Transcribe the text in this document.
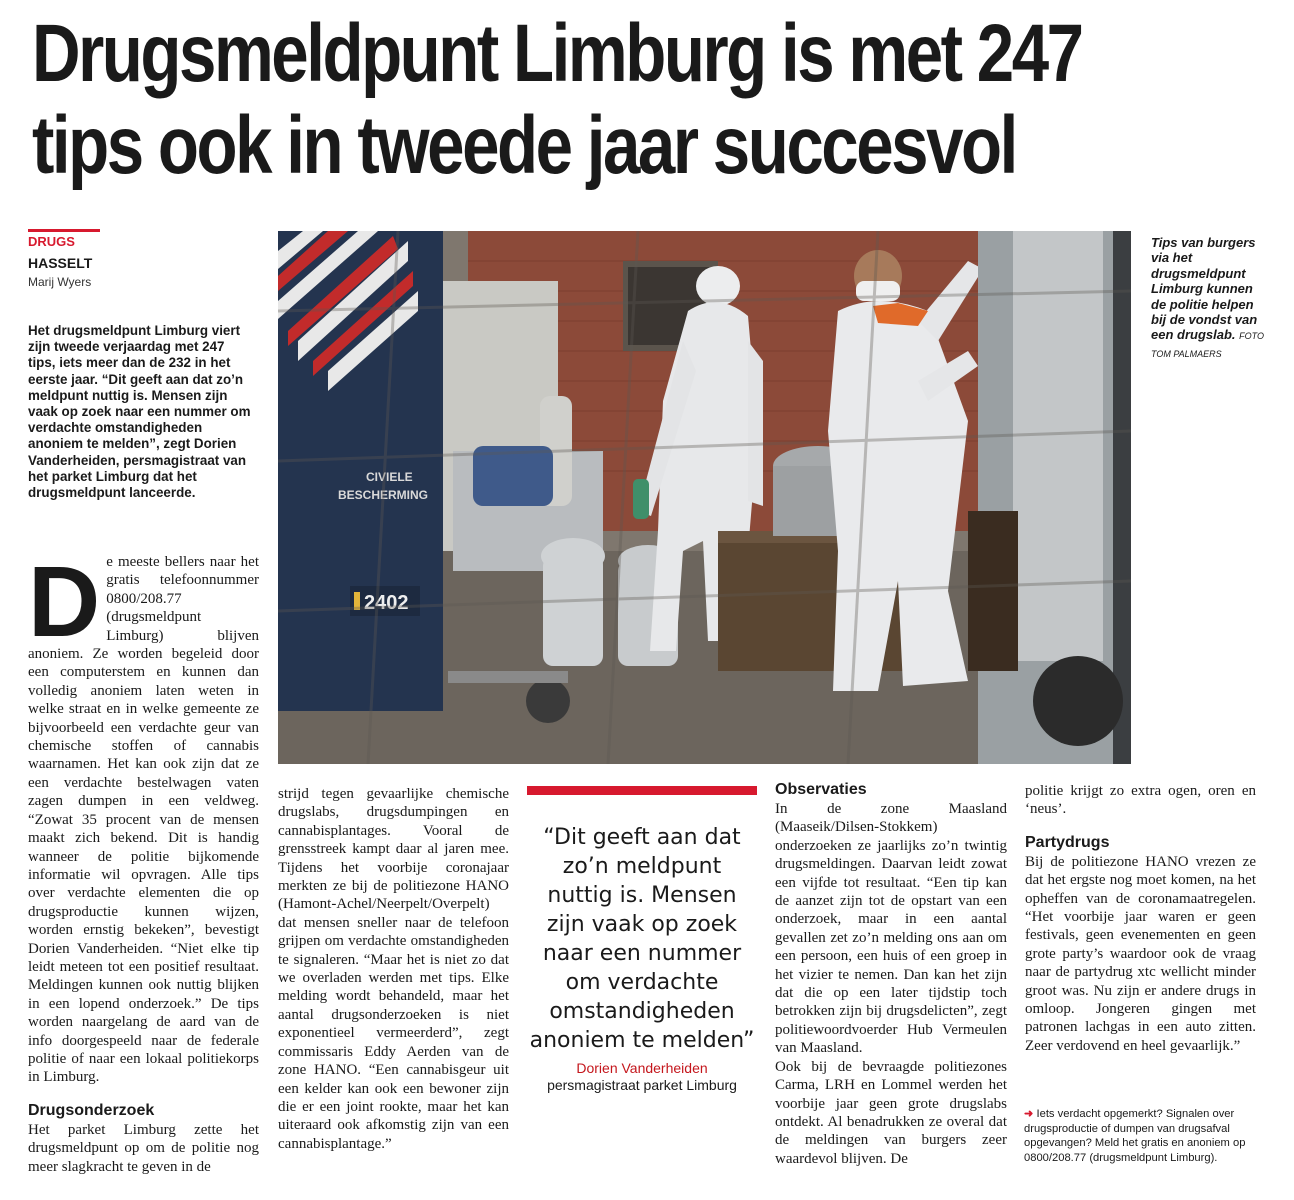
Drugsmeldpunt Limburg is met 247
tips ook in tweede jaar succesvol
DRUGS
HASSELT
Marij Wyers

Het drugsmeldpunt Limburg viert zijn tweede verjaardag met 247 tips, iets meer dan de 232 in het eerste jaar. “Dit geeft aan dat zo’n meldpunt nuttig is. Mensen zijn vaak op zoek naar een nummer om verdachte omstandigheden anoniem te melden”, zegt Dorien Vanderheiden, persmagistraat van het parket Limburg dat het drugsmeldpunt lanceerde.

D e meeste bellers naar het gratis telefoonnummer 0800/208.77 (drugsmeldpunt Limburg) blijven anoniem. Ze worden begeleid door een computerstem en kunnen dan volledig anoniem laten weten in welke straat en in welke gemeente ze bijvoorbeeld een verdachte geur van chemische stoffen of cannabis waarnamen. Het kan ook zijn dat ze een verdachte bestelwagen vaten zagen dumpen in een veldweg. “Zowat 35 procent van de mensen maakt zich bekend. Dit is handig wanneer de politie bijkomende informatie wil opvragen. Alle tips over verdachte elementen die op drugsproductie kunnen wijzen, worden ernstig bekeken”, bevestigt Dorien Vanderheiden. “Niet elke tip leidt meteen tot een positief resultaat. Meldingen kunnen ook nuttig blijken in een lopend onderzoek.” De tips worden naargelang de aard van de info doorgespeeld naar de federale politie of naar een lokaal politiekorps in Limburg.

Drugsonderzoek

Het parket Limburg zette het drugsmeldpunt op om de politie nog meer slagkracht te geven in de

strijd tegen gevaarlijke chemische drugslabs, drugsdumpingen en cannabisplantages. Vooral de grensstreek kampt daar al jaren mee. Tijdens het voorbije coronajaar merkten ze bij de politiezone HANO (Hamont-Achel/Neerpelt/Overpelt) dat mensen sneller naar de telefoon grijpen om verdachte omstandigheden te signaleren. “Maar het is niet zo dat we overladen werden met tips. Elke melding wordt behandeld, maar het aantal drugsonderzoeken is niet exponentieel vermeerderd”, zegt commissaris Eddy Aerden van de zone HANO. “Een cannabisgeur uit een kelder kan ook een bewoner zijn die er een joint rookte, maar het kan uiteraard ook afkomstig zijn van een cannabisplantage.”

CIVIELE
BESCHERMING
2402
Tips van burgers via het drugsmeldpunt Limburg kunnen de politie helpen bij de vondst van een drugslab. FOTO
TOM PALMAERS
“Dit geeft aan dat zo’n meldpunt nuttig is. Mensen zijn vaak op zoek naar een nummer om verdachte omstandigheden anoniem te melden”
Dorien Vanderheiden
persmagistraat parket Limburg

Observaties

In de zone Maasland (Maaseik/Dilsen-Stokkem) onderzoeken ze jaarlijks zo’n twintig drugsmeldingen. Daarvan leidt zowat een vijfde tot resultaat. “Een tip kan de aanzet zijn tot de opstart van een onderzoek, maar in een aantal gevallen zet zo’n melding ons aan om een persoon, een huis of een groep in het vizier te nemen. Dan kan het zijn dat die op een later tijdstip toch betrokken zijn bij drugsdelicten”, zegt politiewoordvoerder Hub Vermeulen van Maasland.

Ook bij de bevraagde politiezones Carma, LRH en Lommel werden het voorbije jaar geen grote drugslabs ontdekt. Al benadrukken ze overal dat de meldingen van burgers zeer waardevol blijven. De

politie krijgt zo extra ogen, oren en ‘neus’.

Partydrugs

Bij de politiezone HANO vrezen ze dat het ergste nog moet komen, na het opheffen van de coronamaatregelen. “Het voorbije jaar waren er geen festivals, geen evenementen en geen grote party’s waardoor ook de vraag naar de partydrug xtc wellicht minder groot was. Nu zijn er andere drugs in omloop. Jongeren gingen met patronen lachgas in een auto zitten. Zeer verdovend en heel gevaarlijk.”

➜ Iets verdacht opgemerkt? Signalen over drugsproductie of dumpen van drugsafval opgevangen? Meld het gratis en anoniem op 0800/208.77 (drugsmeldpunt Limburg).
